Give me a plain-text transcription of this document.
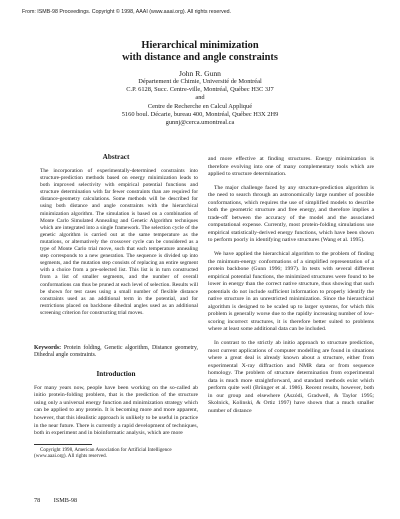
From: ISMB-98 Proceedings. Copyright © 1998, AAAI (www.aaai.org). All rights reserved.
Hierarchical minimization
with distance and angle constraints
John R. Gunn
Département de Chimie, Université de Montréal
C.P. 6128, Succ. Centre-ville, Montréal, Québec H3C 3J7
and
Centre de Recherche en Calcul Appliqué
5160 boul. Décarie, bureau 400, Montréal, Québec H3X 2H9
gunnj@cerca.umontreal.ca
Abstract
The incorporation of experimentally-determined constraints into structure-prediction methods based on energy minimization leads to both improved selectivity with empirical potential functions and structure determination with far fewer constraints than are required for distance-geometry calculations. Some methods will be described for using both distance and angle constraints with the hierarchical minimization algorithm. The simulation is based on a combination of Monte Carlo Simulated Annealing and Genetic Algorithm techniques which are integrated into a single framework. The selection cycle of the genetic algorithm is carried out at the same temperature as the mutations, or alternatively the crossover cycle can be considered as a type of Monte Carlo trial move, such that each temperature annealing step corresponds to a new generation. The sequence is divided up into segments, and the mutation step consists of replacing an entire segment with a choice from a pre-selected list. This list is in turn constructed from a list of smaller segments, and the number of overall conformations can thus be pruned at each level of selection. Results will be shown for test cases using a small number of flexible distance constraints used as an additional term in the potential, and for restrictions placed on backbone dihedral angles used as an additional screening criterion for constructing trial moves.
Keywords: Protein folding, Genetic algorithm, Distance geometry, Dihedral angle constraints.
Introduction
For many years now, people have been working on the so-called ab initio protein-folding problem, that is the prediction of the structure using only a universal energy function and minimization strategy which can be applied to any protein. It is becoming more and more apparent, however, that this idealistic approach is unlikely to be useful in practice in the near future. There is currently a rapid development of techniques, both in experiment and in bioinformatic analysis, which are more
Copyright 1998, American Association for Artificial Intelligence (www.aaai.org). All rights reserved.
and more effective at finding structures. Energy minimization is therefore evolving into one of many complementary tools which are applied to structure determination.
The major challenge faced by any structure-prediction algorithm is the need to search through an astronomically large number of possible conformations, which requires the use of simplified models to describe both the geometric structure and free energy, and therefore implies a trade-off between the accuracy of the model and the associated computational expense. Currently, most protein-folding simulations use empirical statistically-derived energy functions, which have been shown to perform poorly in identifying native structures (Wang et al. 1995).
We have applied the hierarchical algorithm to the problem of finding the minimum-energy conformations of a simplified representation of a protein backbone (Gunn 1996; 1997). In tests with several different empirical potential functions, the minimized structures were found to be lower in energy than the correct native structure, thus showing that such potentials do not include sufficient information to properly identify the native structure in an unrestricted minimization. Since the hierarchical algorithm is designed to be scaled up to larger systems, for which this problem is generally worse due to the rapidly increasing number of low-scoring incorrect structures, it is therefore better suited to problems where at least some additional data can be included.
In contrast to the strictly ab initio approach to structure prediction, most current applications of computer modelling are found in situations where a great deal is already known about a structure, either from experimental X-ray diffraction and NMR data or from sequence homology. The problem of structure determination from experimental data is much more straightforward, and standard methods exist which perform quite well (Brünger et al. 1986). Recent results, however, both in our group and elsewhere (Aszódi, Gradwell, & Taylor 1995; Skolnick, Kolinski, & Ortiz 1997) have shown that a much smaller number of distance
78 ISMB-98
